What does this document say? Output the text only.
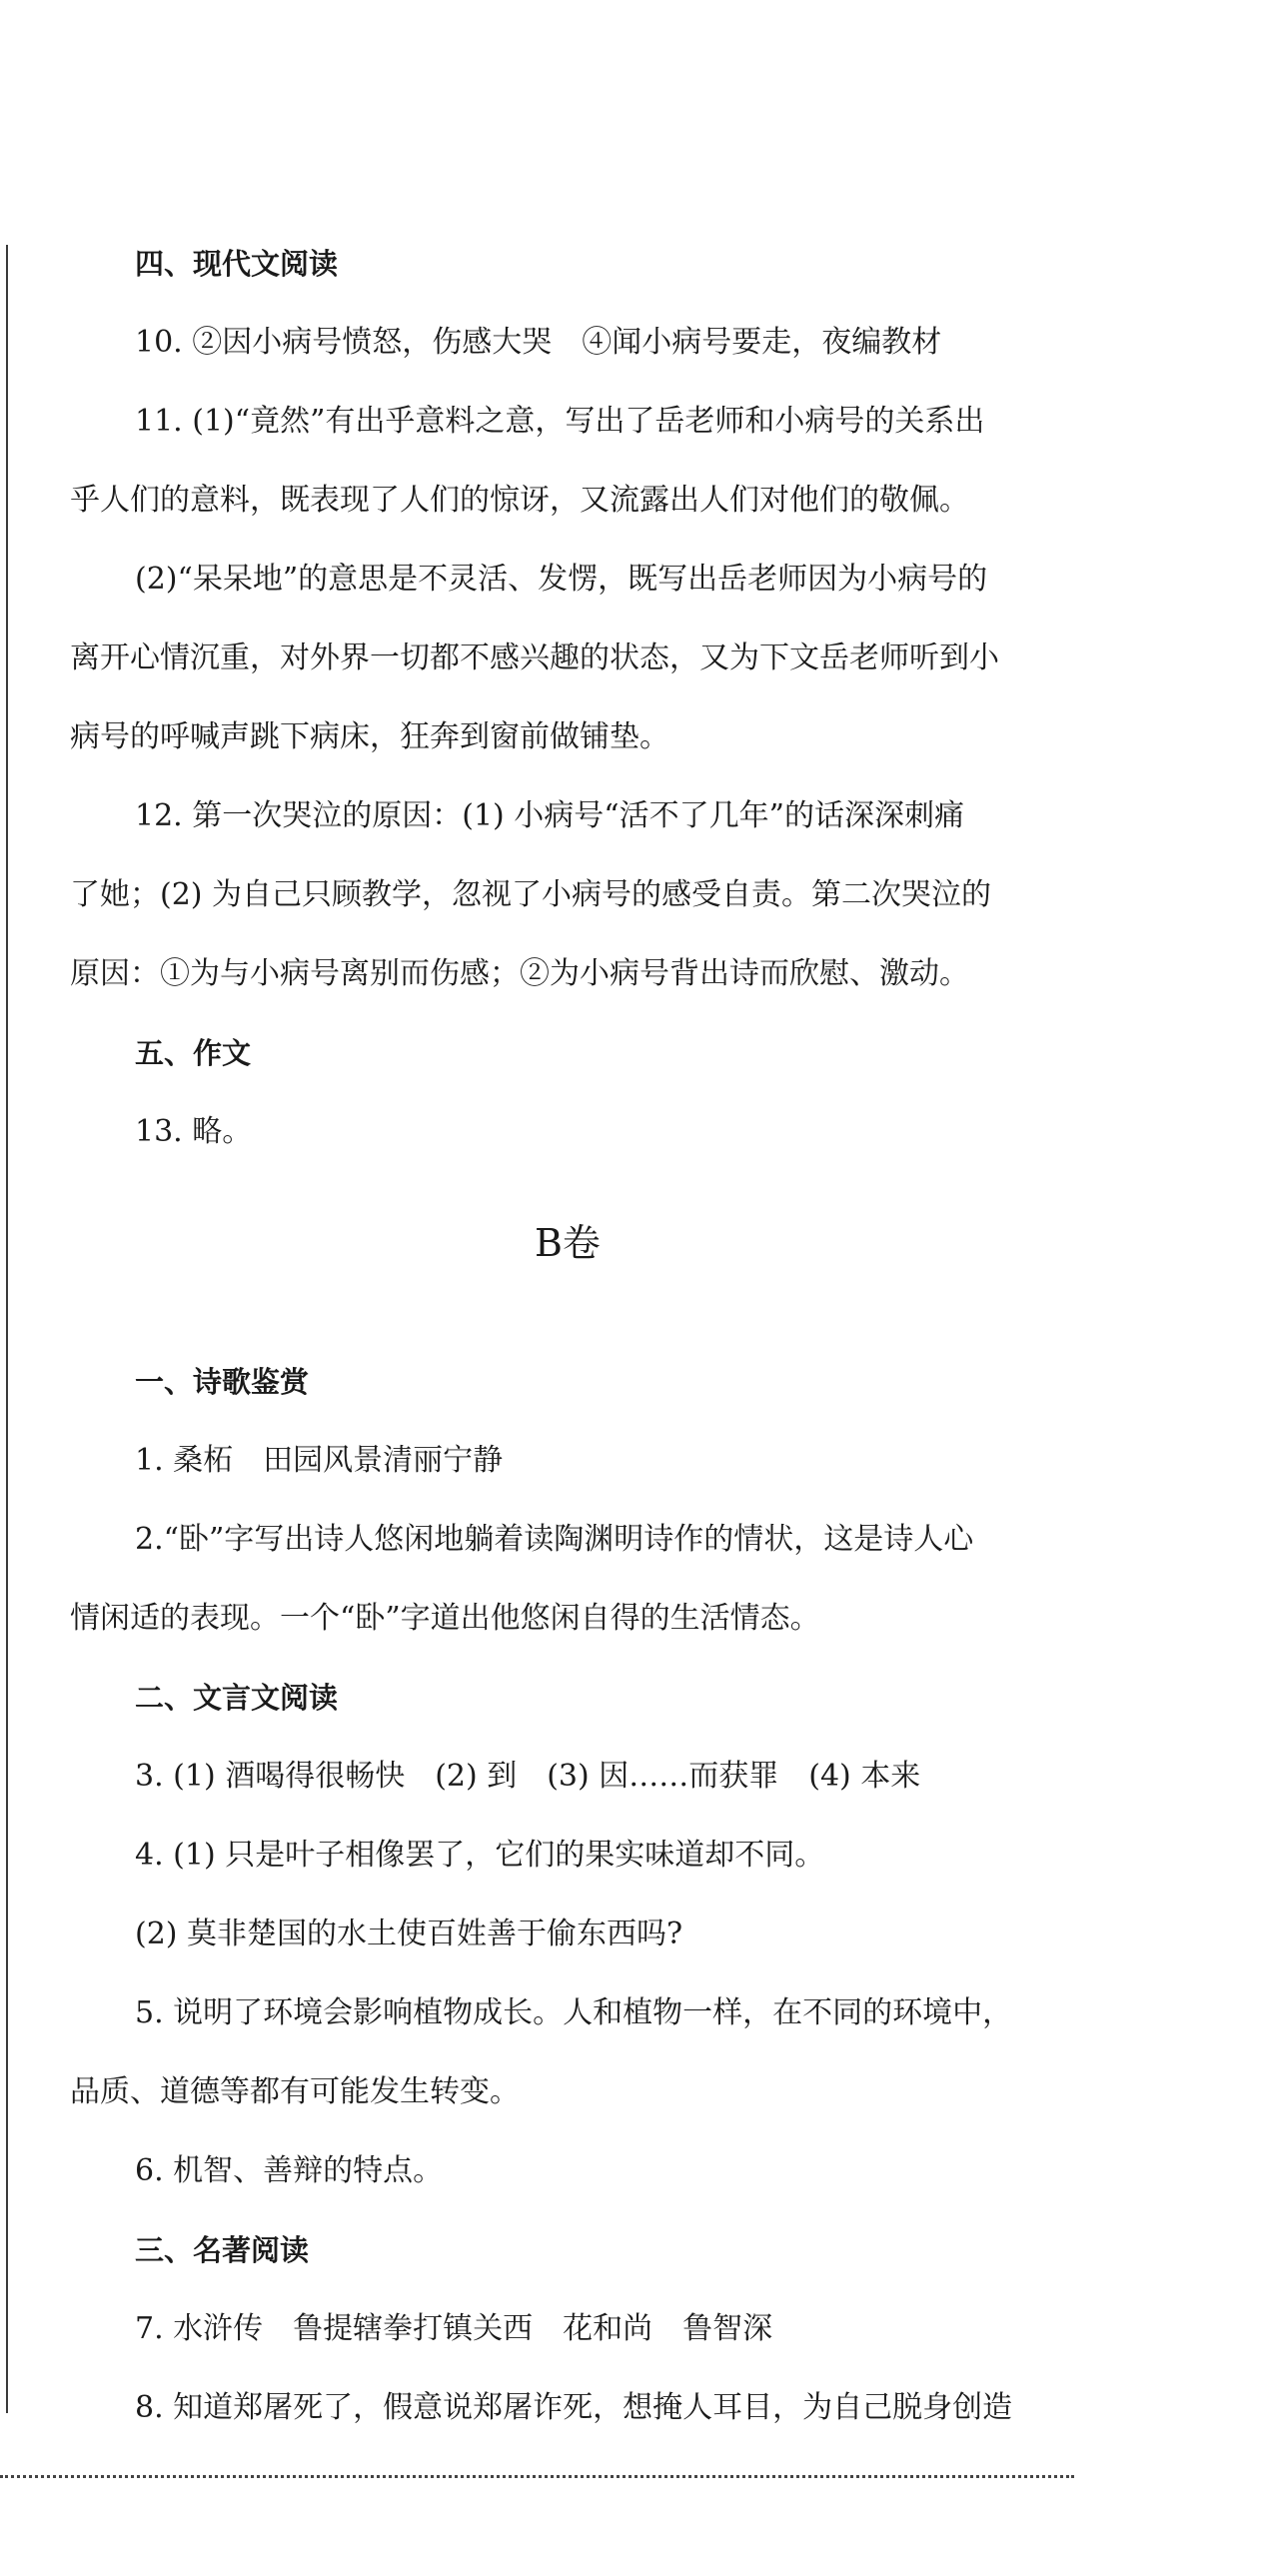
四、现代文阅读
10. ②因小病号愤怒，伤感大哭　④闻小病号要走，夜编教材
11. (1)“竟然”有出乎意料之意，写出了岳老师和小病号的关系出
乎人们的意料，既表现了人们的惊讶，又流露出人们对他们的敬佩。
(2)“呆呆地”的意思是不灵活、发愣，既写出岳老师因为小病号的
离开心情沉重，对外界一切都不感兴趣的状态，又为下文岳老师听到小
病号的呼喊声跳下病床，狂奔到窗前做铺垫。
12. 第一次哭泣的原因：(1) 小病号“活不了几年”的话深深刺痛
了她；(2) 为自己只顾教学，忽视了小病号的感受自责。第二次哭泣的
原因：①为与小病号离别而伤感；②为小病号背出诗而欣慰、激动。
五、作文
13. 略。
B卷
一、诗歌鉴赏
1. 桑柘　田园风景清丽宁静
2.“卧”字写出诗人悠闲地躺着读陶渊明诗作的情状，这是诗人心
情闲适的表现。一个“卧”字道出他悠闲自得的生活情态。
二、文言文阅读
3. (1) 酒喝得很畅快　(2) 到　(3) 因……而获罪　(4) 本来
4. (1) 只是叶子相像罢了，它们的果实味道却不同。
(2) 莫非楚国的水土使百姓善于偷东西吗?
5. 说明了环境会影响植物成长。人和植物一样，在不同的环境中，
品质、道德等都有可能发生转变。
6. 机智、善辩的特点。
三、名著阅读
7. 水浒传　鲁提辖拳打镇关西　花和尚　鲁智深
8. 知道郑屠死了，假意说郑屠诈死，想掩人耳目，为自己脱身创造
